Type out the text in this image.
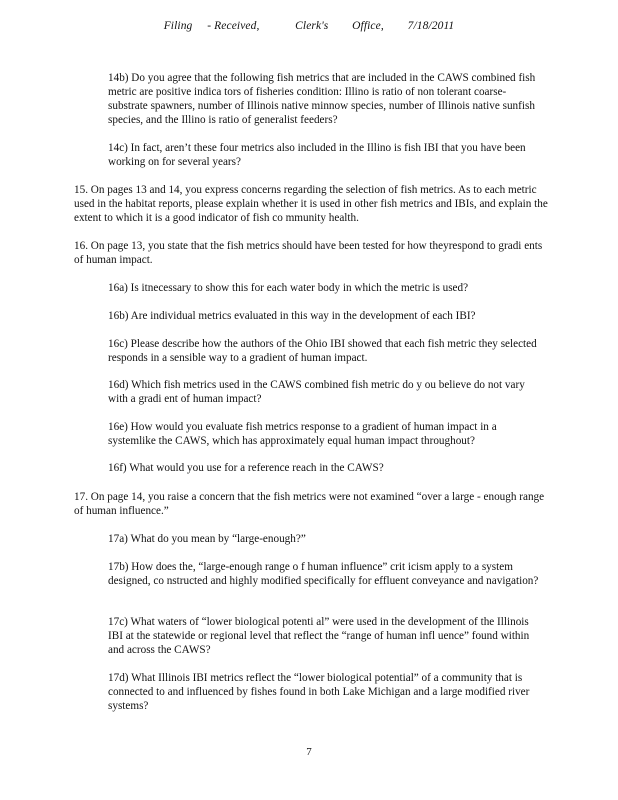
Filing     - Received,            Clerk's        Office,        7/18/2011

14b) Do you agree that the following fish metrics that are included in the CAWS combined fish metric are positive indica tors of fisheries condition: Illino is ratio of non tolerant coarse-substrate spawners, number of Illinois native minnow species, number of Illinois native sunfish species, and the Illino is ratio of generalist feeders?

14c) In fact, aren’t these four metrics also included in the Illino is fish IBI that you have been working on for several years?

15. On pages 13 and 14, you express concerns regarding the selection of fish metrics. As to each metric used in the habitat reports, please explain whether it is used in other fish metrics and IBIs, and explain the extent to which it is a good indicator of fish co mmunity health.

16. On page 13, you state that the fish metrics should have been tested for how theyrespond to gradi ents of human impact.

16a) Is itnecessary to show this for each water body in which the metric is used?

16b) Are individual metrics evaluated in this way in the development of each IBI?

16c) Please describe how the authors of the Ohio IBI showed that each fish metric they selected responds in a sensible way to a gradient of human impact.

16d) Which fish metrics used in the CAWS combined fish metric do y ou believe do not vary with a gradi ent of human impact?

16e) How would you evaluate fish metrics response to a gradient of human impact in a systemlike the CAWS, which has approximately equal human impact throughout?

16f) What would you use for a reference reach in the CAWS?

17. On page 14, you raise a concern that the fish metrics were not examined “over a large - enough range of human influence.”

17a) What do you mean by “large-enough?”

17b) How does the, “large-enough range o f human influence” crit icism apply to a system designed, co nstructed and highly modified specifically for effluent conveyance and navigation?

17c) What waters of “lower biological potenti al” were used in the development of the Illinois IBI at the statewide or regional level that reflect the “range of human infl uence” found within and across the CAWS?

17d) What Illinois IBI metrics reflect the “lower biological potential” of a community that is connected to and influenced by fishes found in both Lake Michigan and a large modified river systems?

7
